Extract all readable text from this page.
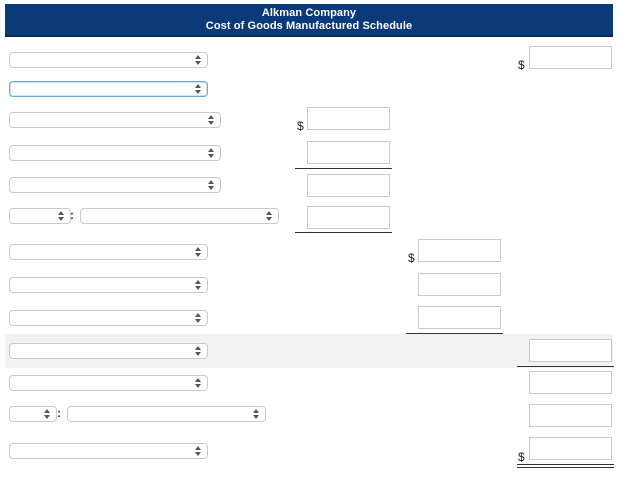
Alkman Company
Cost of Goods Manufactured Schedule
$
$
:
$
:
$
